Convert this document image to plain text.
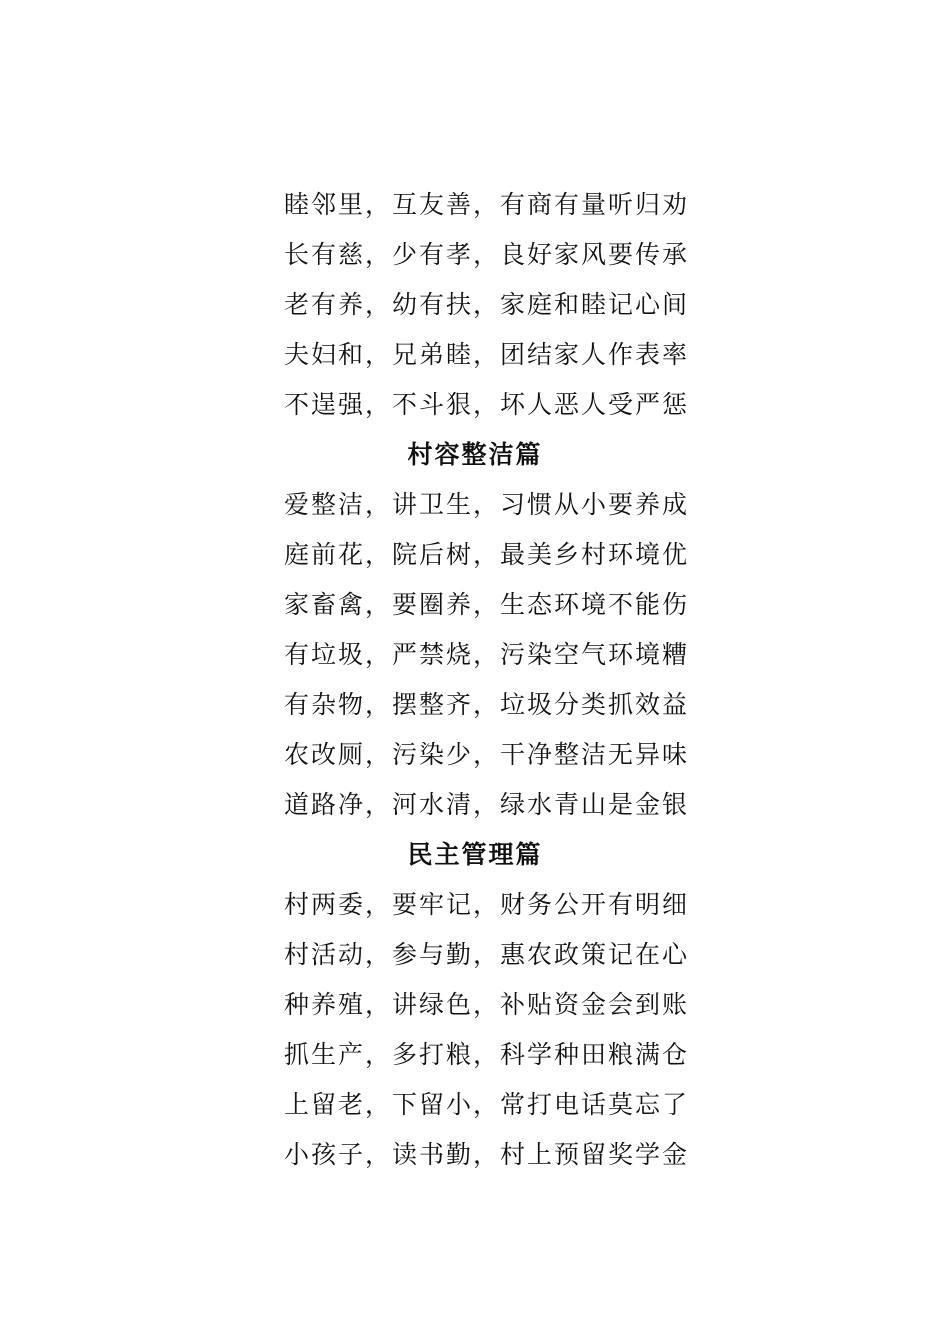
睦邻里，互友善，有商有量听归劝
长有慈，少有孝，良好家风要传承
老有养，幼有扶，家庭和睦记心间
夫妇和，兄弟睦，团结家人作表率
不逞强，不斗狠，坏人恶人受严惩
村容整洁篇
爱整洁，讲卫生，习惯从小要养成
庭前花，院后树，最美乡村环境优
家畜禽，要圈养，生态环境不能伤
有垃圾，严禁烧，污染空气环境糟
有杂物，摆整齐，垃圾分类抓效益
农改厕，污染少，干净整洁无异味
道路净，河水清，绿水青山是金银
民主管理篇
村两委，要牢记，财务公开有明细
村活动，参与勤，惠农政策记在心
种养殖，讲绿色，补贴资金会到账
抓生产，多打粮，科学种田粮满仓
上留老，下留小，常打电话莫忘了
小孩子，读书勤，村上预留奖学金
